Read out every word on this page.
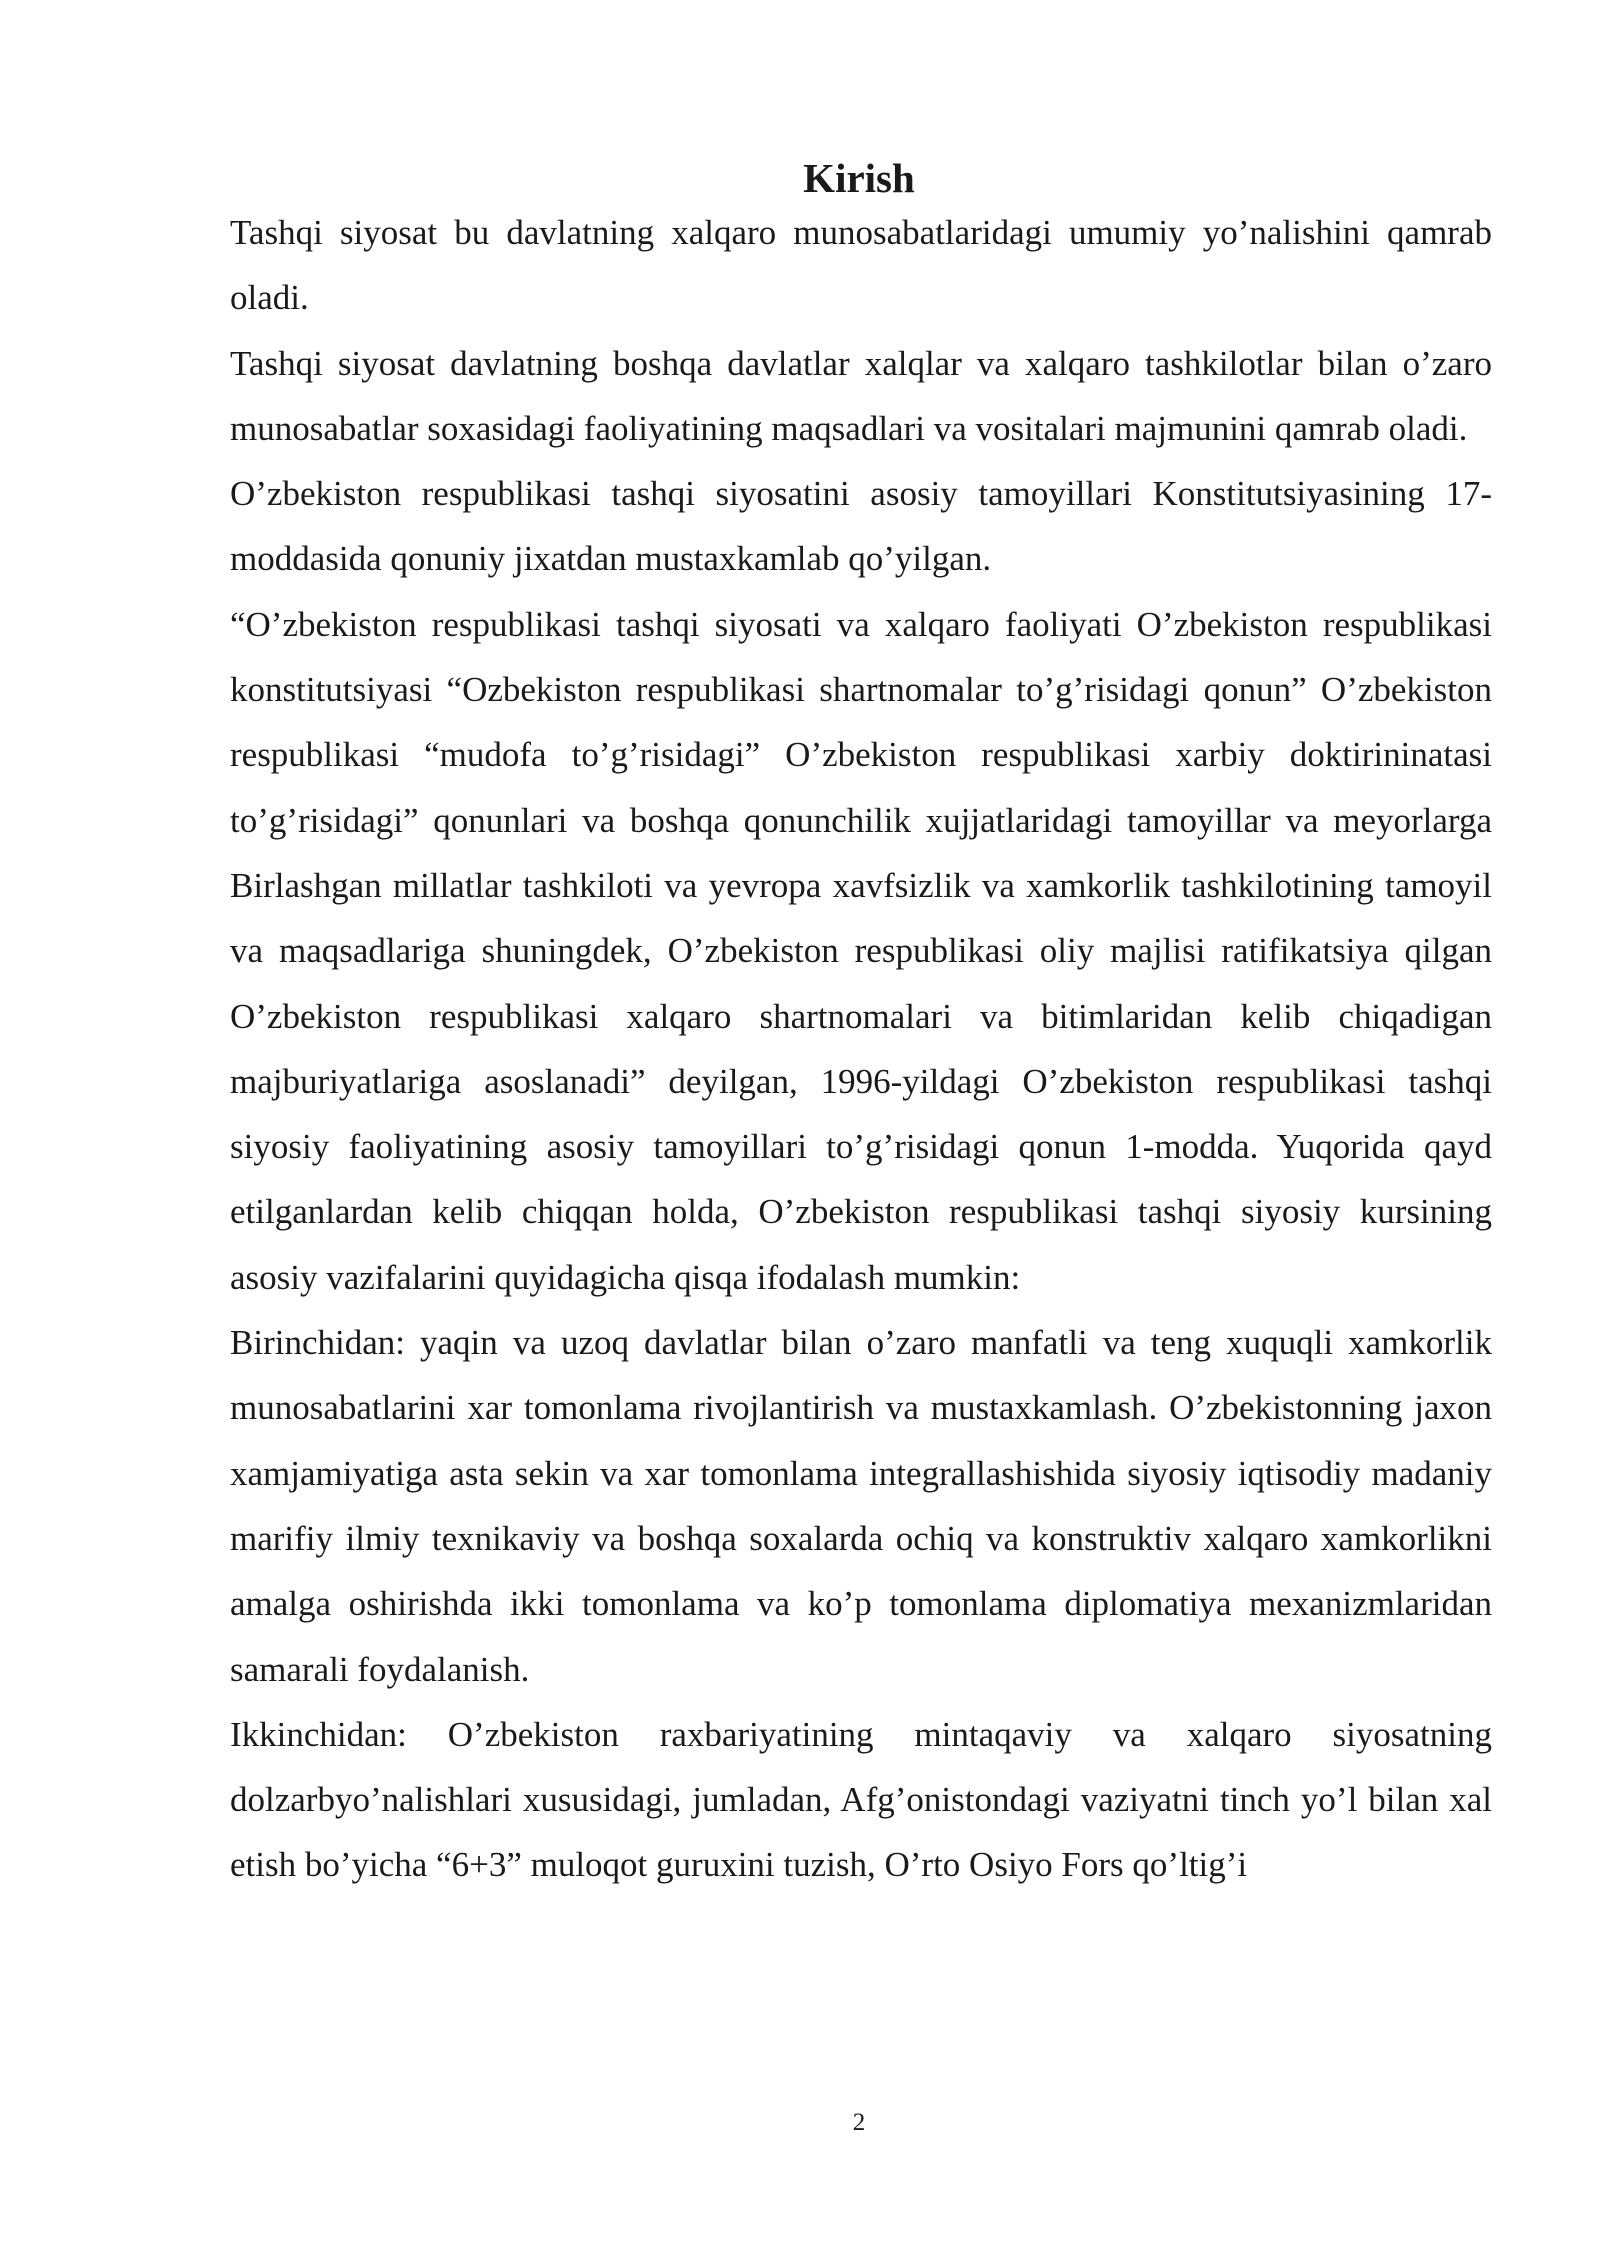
Kirish

Tashqi siyosat bu davlatning xalqaro munosabatlaridagi umumiy yo’nalishini qamrab oladi.

Tashqi siyosat davlatning boshqa davlatlar xalqlar va xalqaro tashkilotlar bilan o’zaro munosabatlar soxasidagi faoliyatining maqsadlari va vositalari majmunini qamrab oladi.

O’zbekiston respublikasi tashqi siyosatini asosiy tamoyillari Konstitutsiyasining 17-moddasida qonuniy jixatdan mustaxkamlab qo’yilgan.

“O’zbekiston respublikasi tashqi siyosati va xalqaro faoliyati O’zbekiston respublikasi konstitutsiyasi “Ozbekiston respublikasi shartnomalar to’g’risidagi qonun” O’zbekiston respublikasi “mudofa to’g’risidagi” O’zbekiston respublikasi xarbiy doktirininatasi to’g’risidagi” qonunlari va boshqa qonunchilik xujjatlaridagi tamoyillar va meyorlarga Birlashgan millatlar tashkiloti va yevropa xavfsizlik va xamkorlik tashkilotining tamoyil va maqsadlariga shuningdek, O’zbekiston respublikasi oliy majlisi ratifikatsiya qilgan O’zbekiston respublikasi xalqaro shartnomalari va bitimlaridan kelib chiqadigan majburiyatlariga asoslanadi” deyilgan, 1996-yildagi O’zbekiston respublikasi tashqi siyosiy faoliyatining asosiy tamoyillari to’g’risidagi qonun 1-modda. Yuqorida qayd etilganlardan kelib chiqqan holda, O’zbekiston respublikasi tashqi siyosiy kursining asosiy vazifalarini quyidagicha qisqa ifodalash mumkin:

Birinchidan: yaqin va uzoq davlatlar bilan o’zaro manfatli va teng xuquqli xamkorlik munosabatlarini xar tomonlama rivojlantirish va mustaxkamlash. O’zbekistonning jaxon xamjamiyatiga asta sekin va xar tomonlama integrallashishida siyosiy iqtisodiy madaniy marifiy ilmiy texnikaviy va boshqa soxalarda ochiq va konstruktiv xalqaro xamkorlikni amalga oshirishda ikki tomonlama va ko’p tomonlama diplomatiya mexanizmlaridan samarali foydalanish.

Ikkinchidan: O’zbekiston raxbariyatining mintaqaviy va xalqaro siyosatning dolzarbyo’nalishlari xususidagi, jumladan, Afg’onistondagi vaziyatni tinch yo’l bilan xal etish bo’yicha “6+3” muloqot guruxini tuzish, O’rto Osiyo Fors qo’ltig’i

2
